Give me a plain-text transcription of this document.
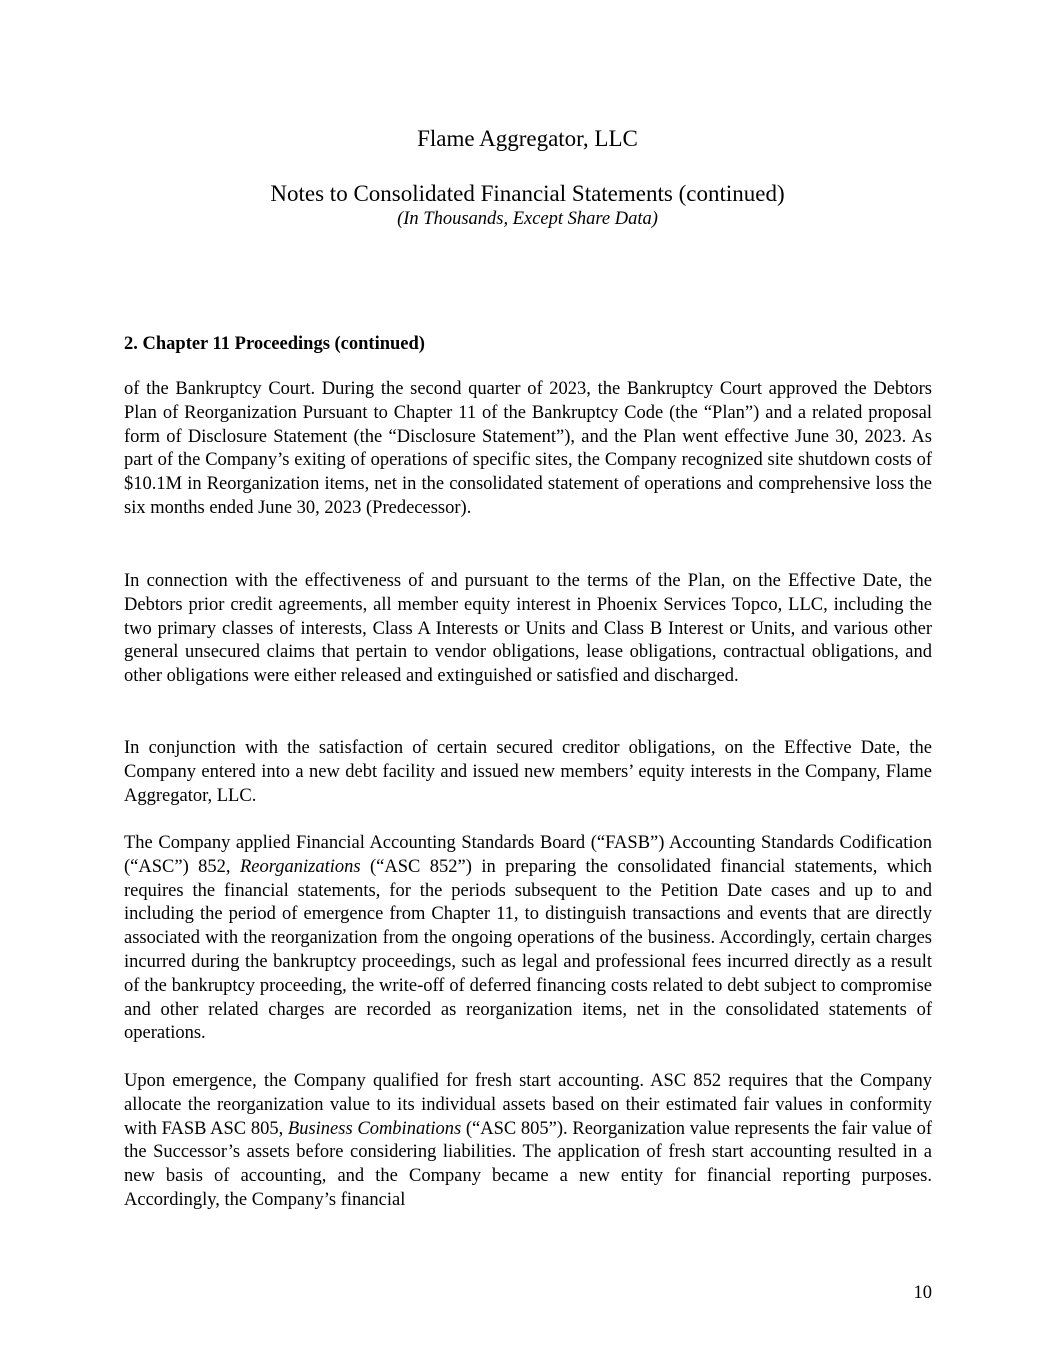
Flame Aggregator, LLC
Notes to Consolidated Financial Statements (continued)
(In Thousands, Except Share Data)
2. Chapter 11 Proceedings (continued)

of the Bankruptcy Court. During the second quarter of 2023, the Bankruptcy Court approved the Debtors Plan of Reorganization Pursuant to Chapter 11 of the Bankruptcy Code (the “Plan”) and a related proposal form of Disclosure Statement (the “Disclosure Statement”), and the Plan went effective June 30, 2023. As part of the Company’s exiting of operations of specific sites, the Company recognized site shutdown costs of $10.1M in Reorganization items, net in the consolidated statement of operations and comprehensive loss the six months ended June 30, 2023 (Predecessor).

In connection with the effectiveness of and pursuant to the terms of the Plan, on the Effective Date, the Debtors prior credit agreements, all member equity interest in Phoenix Services Topco, LLC, including the two primary classes of interests, Class A Interests or Units and Class B Interest or Units, and various other general unsecured claims that pertain to vendor obligations, lease obligations, contractual obligations, and other obligations were either released and extinguished or satisfied and discharged.

In conjunction with the satisfaction of certain secured creditor obligations, on the Effective Date, the Company entered into a new debt facility and issued new members’ equity interests in the Company, Flame Aggregator, LLC.

The Company applied Financial Accounting Standards Board (“FASB”) Accounting Standards Codification (“ASC”) 852, Reorganizations (“ASC 852”) in preparing the consolidated financial statements, which requires the financial statements, for the periods subsequent to the Petition Date cases and up to and including the period of emergence from Chapter 11, to distinguish transactions and events that are directly associated with the reorganization from the ongoing operations of the business. Accordingly, certain charges incurred during the bankruptcy proceedings, such as legal and professional fees incurred directly as a result of the bankruptcy proceeding, the write-off of deferred financing costs related to debt subject to compromise and other related charges are recorded as reorganization items, net in the consolidated statements of operations.

Upon emergence, the Company qualified for fresh start accounting. ASC 852 requires that the Company allocate the reorganization value to its individual assets based on their estimated fair values in conformity with FASB ASC 805, Business Combinations (“ASC 805”). Reorganization value represents the fair value of the Successor’s assets before considering liabilities. The application of fresh start accounting resulted in a new basis of accounting, and the Company became a new entity for financial reporting purposes. Accordingly, the Company’s financial

10
